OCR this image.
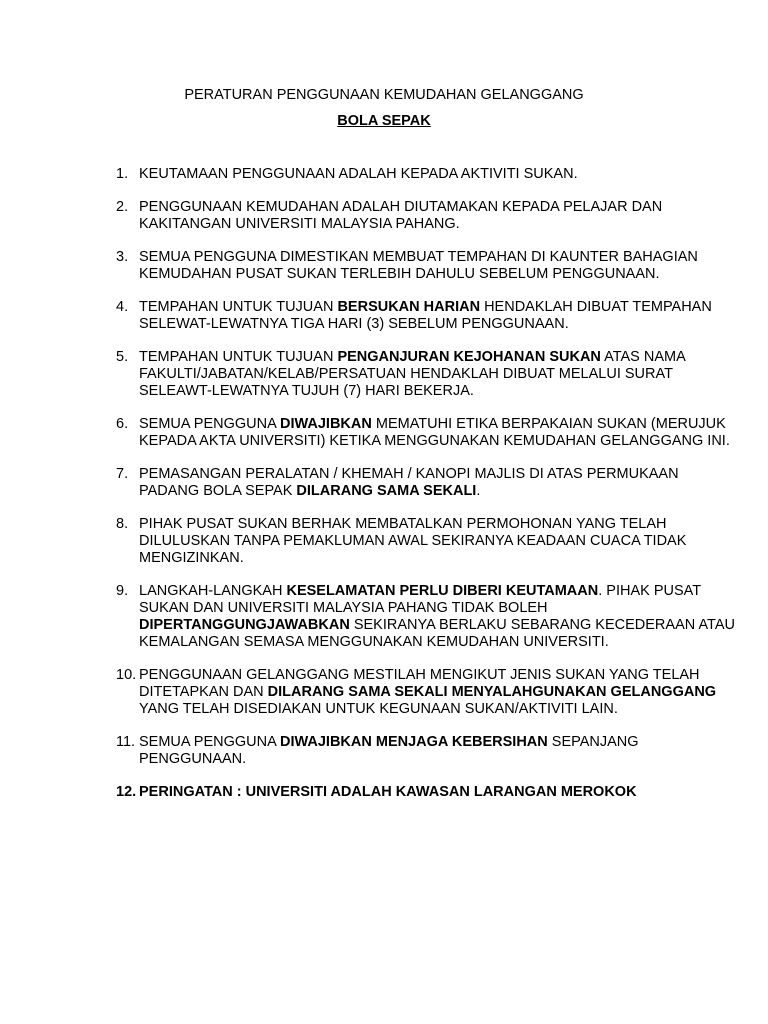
PERATURAN PENGGUNAAN KEMUDAHAN GELANGGANG
BOLA SEPAK
1. KEUTAMAAN PENGGUNAAN ADALAH KEPADA AKTIVITI SUKAN.
2. PENGGUNAAN KEMUDAHAN ADALAH DIUTAMAKAN KEPADA PELAJAR DAN KAKITANGAN UNIVERSITI MALAYSIA PAHANG.
3. SEMUA PENGGUNA DIMESTIKAN MEMBUAT TEMPAHAN DI KAUNTER BAHAGIAN KEMUDAHAN PUSAT SUKAN TERLEBIH DAHULU SEBELUM PENGGUNAAN.
4. TEMPAHAN UNTUK TUJUAN BERSUKAN HARIAN HENDAKLAH DIBUAT TEMPAHAN SELEWAT-LEWATNYA TIGA HARI (3) SEBELUM PENGGUNAAN.
5. TEMPAHAN UNTUK TUJUAN PENGANJURAN KEJOHANAN SUKAN ATAS NAMA FAKULTI/JABATAN/KELAB/PERSATUAN HENDAKLAH DIBUAT MELALUI SURAT SELEAWT-LEWATNYA TUJUH (7) HARI BEKERJA.
6. SEMUA PENGGUNA DIWAJIBKAN MEMATUHI ETIKA BERPAKAIAN SUKAN (MERUJUK KEPADA AKTA UNIVERSITI) KETIKA MENGGUNAKAN KEMUDAHAN GELANGGANG INI.
7. PEMASANGAN PERALATAN / KHEMAH / KANOPI MAJLIS DI ATAS PERMUKAAN PADANG BOLA SEPAK DILARANG SAMA SEKALI.
8. PIHAK PUSAT SUKAN BERHAK MEMBATALKAN PERMOHONAN YANG TELAH DILULUSKAN TANPA PEMAKLUMAN AWAL SEKIRANYA KEADAAN CUACA TIDAK MENGIZINKAN.
9. LANGKAH-LANGKAH KESELAMATAN PERLU DIBERI KEUTAMAAN. PIHAK PUSAT SUKAN DAN UNIVERSITI MALAYSIA PAHANG TIDAK BOLEH DIPERTANGGUNGJAWABKAN SEKIRANYA BERLAKU SEBARANG KECEDERAAN ATAU KEMALANGAN SEMASA MENGGUNAKAN KEMUDAHAN UNIVERSITI.
10. PENGGUNAAN GELANGGANG MESTILAH MENGIKUT JENIS SUKAN YANG TELAH DITETAPKAN DAN DILARANG SAMA SEKALI MENYALAHGUNAKAN GELANGGANG YANG TELAH DISEDIAKAN UNTUK KEGUNAAN SUKAN/AKTIVITI LAIN.
11. SEMUA PENGGUNA DIWAJIBKAN MENJAGA KEBERSIHAN SEPANJANG PENGGUNAAN.
12. PERINGATAN : UNIVERSITI ADALAH KAWASAN LARANGAN MEROKOK
